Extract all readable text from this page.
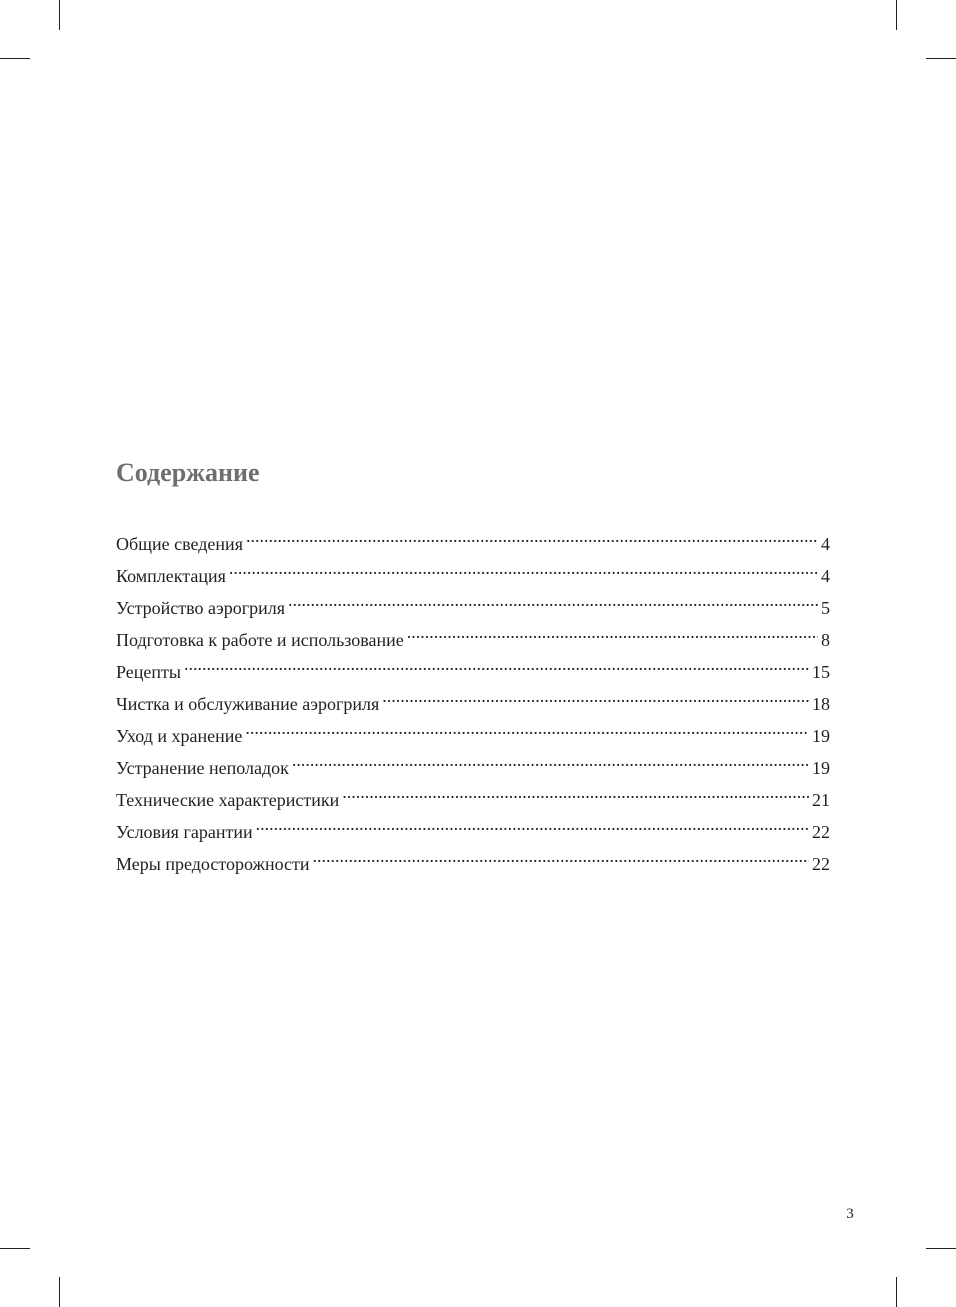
Содержание
Общие сведения .....	4
Комплектация .....	4
Устройство аэрогриля .....	5
Подготовка к работе и использование .....	8
Рецепты .....	15
Чистка и обслуживание аэрогриля .....	18
Уход и хранение .....	19
Устранение неполадок .....	19
Технические характеристики .....	21
Условия гарантии .....	22
Меры предосторожности .....	22
3
